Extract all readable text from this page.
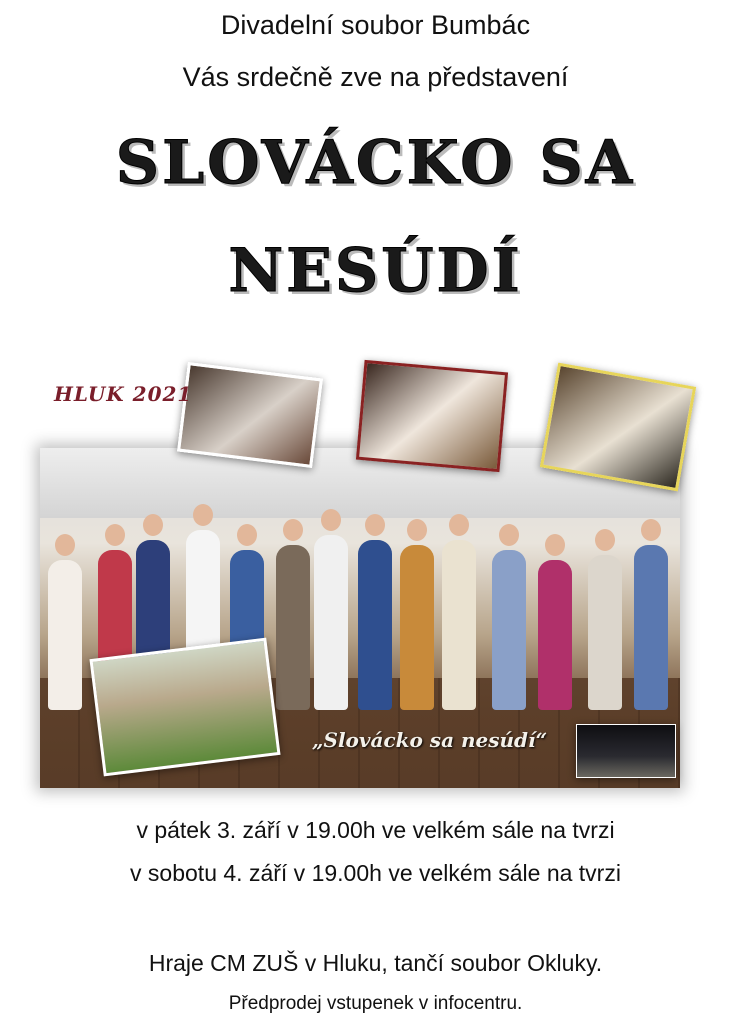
Divadelní soubor Bumbác
Vás srdečně zve na představení
SLOVÁCKO SA
NESÚDÍ
HLUK 2021
„Slovácko sa nesúdí“
v pátek 3. září v 19.00h ve velkém sále na tvrzi
v sobotu 4. září v 19.00h ve velkém sále na tvrzi
Hraje CM ZUŠ v Hluku, tančí soubor Okluky.
Předprodej vstupenek v infocentru.
